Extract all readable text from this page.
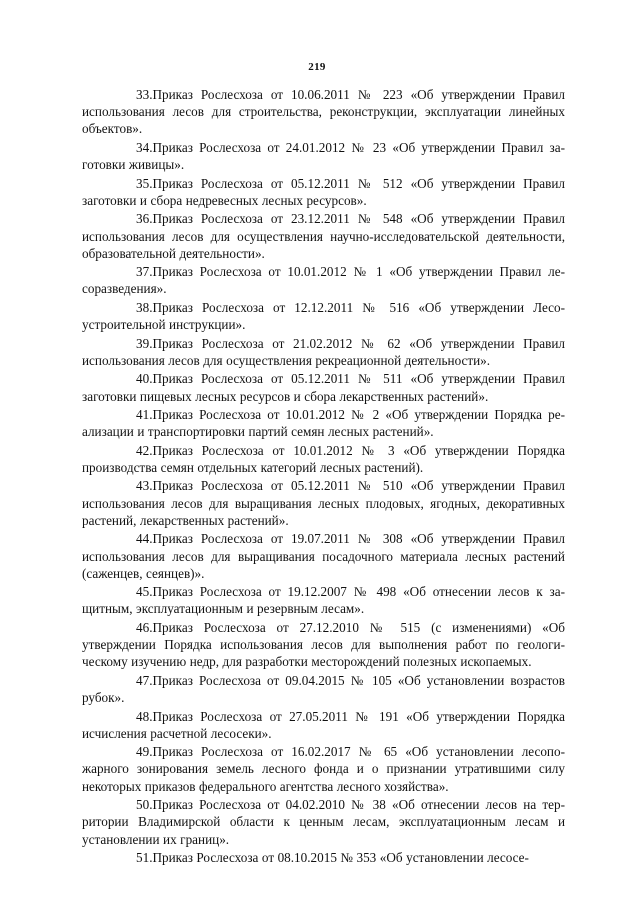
219

33.Приказ Рослесхоза от 10.06.2011 № 223 «Об утверждении Правил использования лесов для строительства, реконструкции, эксплуатации линейных объектов».

34.Приказ Рослесхоза от 24.01.2012 № 23 «Об утверждении Правил заготовки живицы».

35.Приказ Рослесхоза от 05.12.2011 № 512 «Об утверждении Правил заготовки и сбора недревесных лесных ресурсов».

36.Приказ Рослесхоза от 23.12.2011 № 548 «Об утверждении Правил использования лесов для осуществления научно-исследовательской деятельности, образовательной деятельности».

37.Приказ Рослесхоза от 10.01.2012 № 1 «Об утверждении Правил лесоразведения».

38.Приказ Рослесхоза от 12.12.2011 № 516 «Об утверждении Лесоустроительной инструкции».

39.Приказ Рослесхоза от 21.02.2012 № 62 «Об утверждении Правил использования лесов для осуществления рекреационной деятельности».

40.Приказ Рослесхоза от 05.12.2011 № 511 «Об утверждении Правил заготовки пищевых лесных ресурсов и сбора лекарственных растений».

41.Приказ Рослесхоза от 10.01.2012 № 2 «Об утверждении Порядка реализации и транспортировки партий семян лесных растений».

42.Приказ Рослесхоза от 10.01.2012 № 3 «Об утверждении Порядка производства семян отдельных категорий лесных растений).

43.Приказ Рослесхоза от 05.12.2011 № 510 «Об утверждении Правил использования лесов для выращивания лесных плодовых, ягодных, декоративных растений, лекарственных растений».

44.Приказ Рослесхоза от 19.07.2011 № 308 «Об утверждении Правил использования лесов для выращивания посадочного материала лесных растений (саженцев, сеянцев)».

45.Приказ Рослесхоза от 19.12.2007 № 498 «Об отнесении лесов к защитным, эксплуатационным и резервным лесам».

46.Приказ Рослесхоза от 27.12.2010 № 515 (с изменениями) «Об утверждении Порядка использования лесов для выполнения работ по геологическому изучению недр, для разработки месторождений полезных ископаемых.

47.Приказ Рослесхоза от 09.04.2015 № 105 «Об установлении возрастов рубок».

48.Приказ Рослесхоза от 27.05.2011 № 191 «Об утверждении Порядка исчисления расчетной лесосеки».

49.Приказ Рослесхоза от 16.02.2017 № 65 «Об установлении лесопожарного зонирования земель лесного фонда и о признании утратившими силу некоторых приказов федерального агентства лесного хозяйства».

50.Приказ Рослесхоза от 04.02.2010 № 38 «Об отнесении лесов на территории Владимирской области к ценным лесам, эксплуатационным лесам и установлении их границ».

51.Приказ Рослесхоза от 08.10.2015 № 353 «Об установлении лесосе-
